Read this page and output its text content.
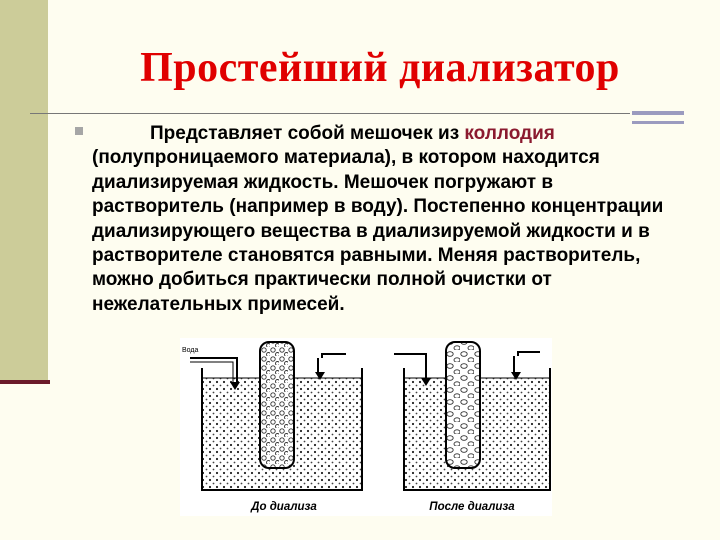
Простейший диализатор
Представляет собой мешочек из коллодия (полупроницаемого материала), в котором находится диализируемая жидкость. Мешочек погружают в растворитель (например в воду). Постепенно концентрации диализирующего вещества в диализируемой жидкости и в растворителе становятся равными. Меняя растворитель, можно добиться практически полной очистки от нежелательных примесей.
Вода
До диализа	После диализа
